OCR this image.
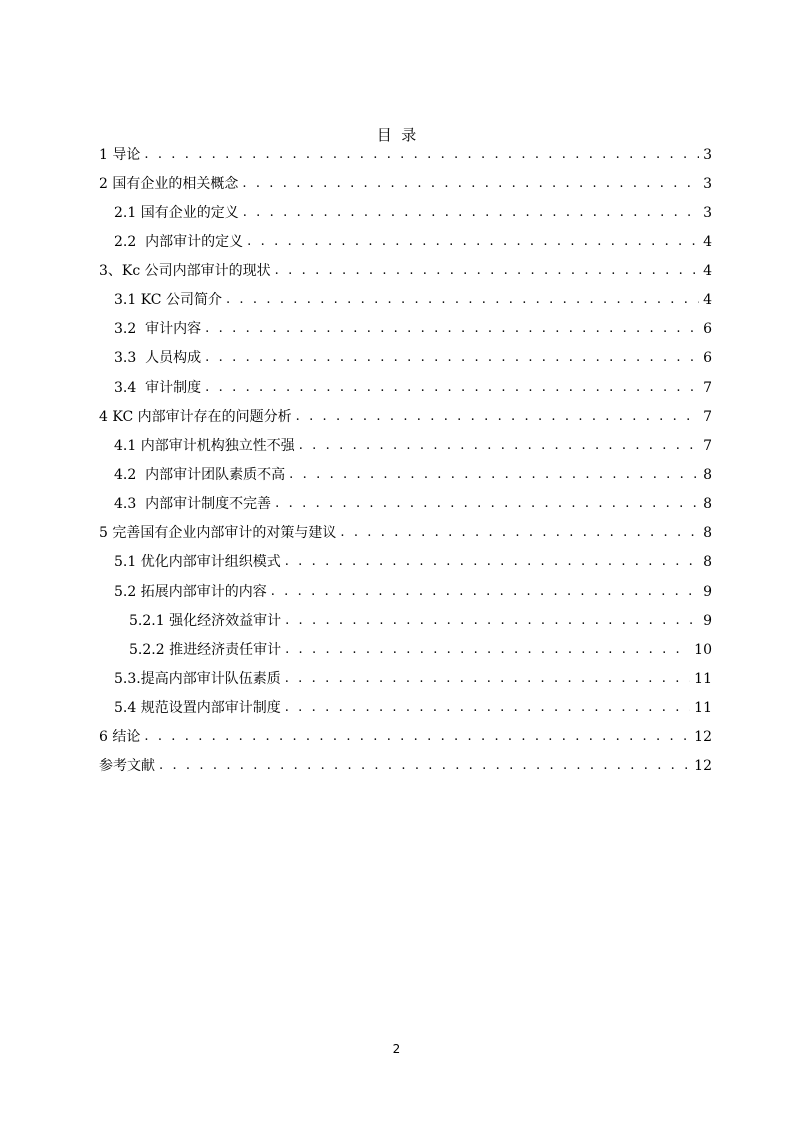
目  录
1 导论 . . .	3
2 国有企业的相关概念 . . .	3
2.1 国有企业的定义 . . .	3
2.2  内部审计的定义 . . .	4
3、Kc 公司内部审计的现状 . . .	4
3.1 KC 公司简介 . . .	4
3.2  审计内容 . . .	6
3.3  人员构成 . . .	6
3.4  审计制度 . . .	7
4 KC 内部审计存在的问题分析 . . .	7
4.1 内部审计机构独立性不强 . . .	7
4.2  内部审计团队素质不高 . . .	8
4.3  内部审计制度不完善 . . .	8
5 完善国有企业内部审计的对策与建议 . . .	8
5.1 优化内部审计组织模式 . . .	8
5.2 拓展内部审计的内容 . . .	9
5.2.1 强化经济效益审计 . . .	9
5.2.2 推进经济责任审计 . . .	10
5.3.提高内部审计队伍素质 . . .	11
5.4 规范设置内部审计制度 . . .	11
6 结论 . . .	12
参考文献 . . .	12
2
